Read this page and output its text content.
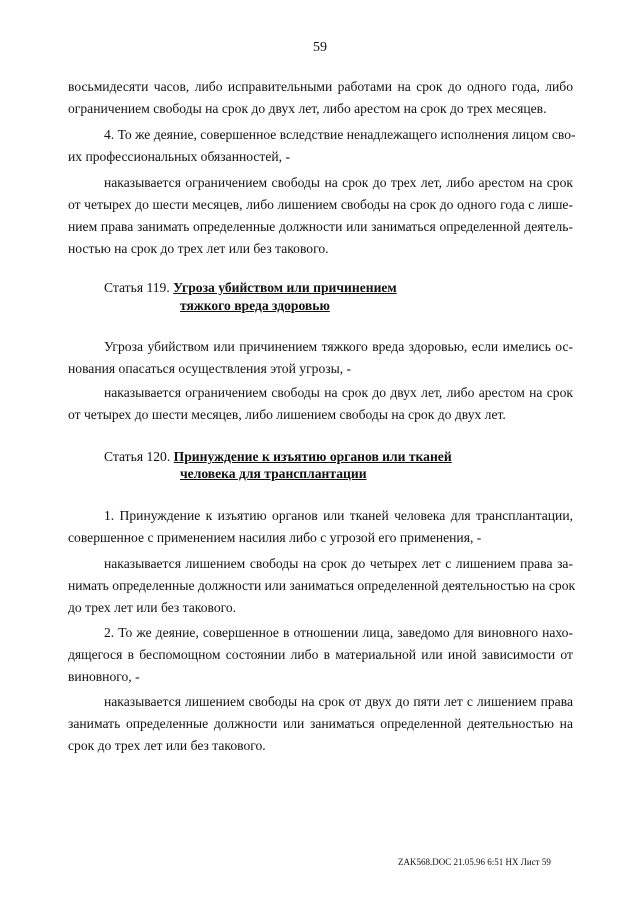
59
восьмидесяти часов, либо исправительными работами на срок до одного года, либо
ограничением свободы на срок до двух лет, либо арестом на срок до трех месяцев.
4. То же деяние, совершенное вследствие ненадлежащего исполнения лицом сво-
их профессиональных обязанностей, -
наказывается ограничением свободы на срок до трех лет, либо арестом на срок
от четырех до шести месяцев, либо лишением свободы на срок до одного года с лише-
нием права занимать определенные должности или заниматься определенной деятель-
ностью на срок до трех лет или без такового.
Статья 119. Угроза убийством или причинением
тяжкого вреда здоровью
Угроза убийством или причинением тяжкого вреда здоровью, если имелись ос-
нования опасаться осуществления этой угрозы, -
наказывается ограничением свободы на срок до двух лет, либо арестом на срок
от четырех до шести месяцев, либо лишением свободы на срок до двух лет.
Статья 120. Принуждение к изъятию органов или тканей
человека для трансплантации
1. Принуждение к изъятию органов или тканей человека для трансплантации,
совершенное с применением насилия либо с угрозой его применения, -
наказывается лишением свободы на срок до четырех лет с лишением права за-
нимать определенные должности или заниматься определенной деятельностью на срок
до трех лет или без такового.
2. То же деяние, совершенное в отношении лица, заведомо для виновного нахо-
дящегося в беспомощном состоянии либо в материальной или иной зависимости от
виновного, -
наказывается лишением свободы на срок от двух до пяти лет с лишением права
занимать определенные должности или заниматься определенной деятельностью на
срок до трех лет или без такового.
ZAK568.DOC 21.05.96 6:51 HX Лист 59
